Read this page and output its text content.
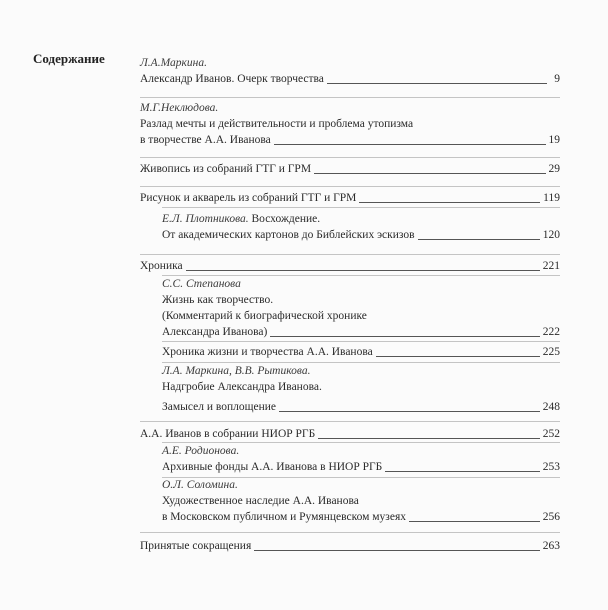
Содержание	Л.А.Маркина.
Александр Иванов. Очерк творчества	9
М.Г.Неклюдова.
Разлад мечты и действительности и проблема утопизма
в творчестве А.А. Иванова	19
Живопись из собраний ГТГ и ГРМ	29
Рисунок и акварель из собраний ГТГ и ГРМ	119
Е.Л. Плотникова. Восхождение.
От академических картонов до Библейских эскизов	120
Хроника	221
С.С. Степанова
Жизнь как творчество.
(Комментарий к биографической хронике
Александра Иванова)	222
Хроника жизни и творчества А.А. Иванова	225
Л.А. Маркина, В.В. Рытикова.
Надгробие Александра Иванова.
Замысел и воплощение	248
А.А. Иванов в собрании НИОР РГБ	252
А.Е. Родионова.
Архивные фонды А.А. Иванова в НИОР РГБ	253
О.Л. Соломина.
Художественное наследие А.А. Иванова
в Московском публичном и Румянцевском музеях	256
Принятые сокращения	263
